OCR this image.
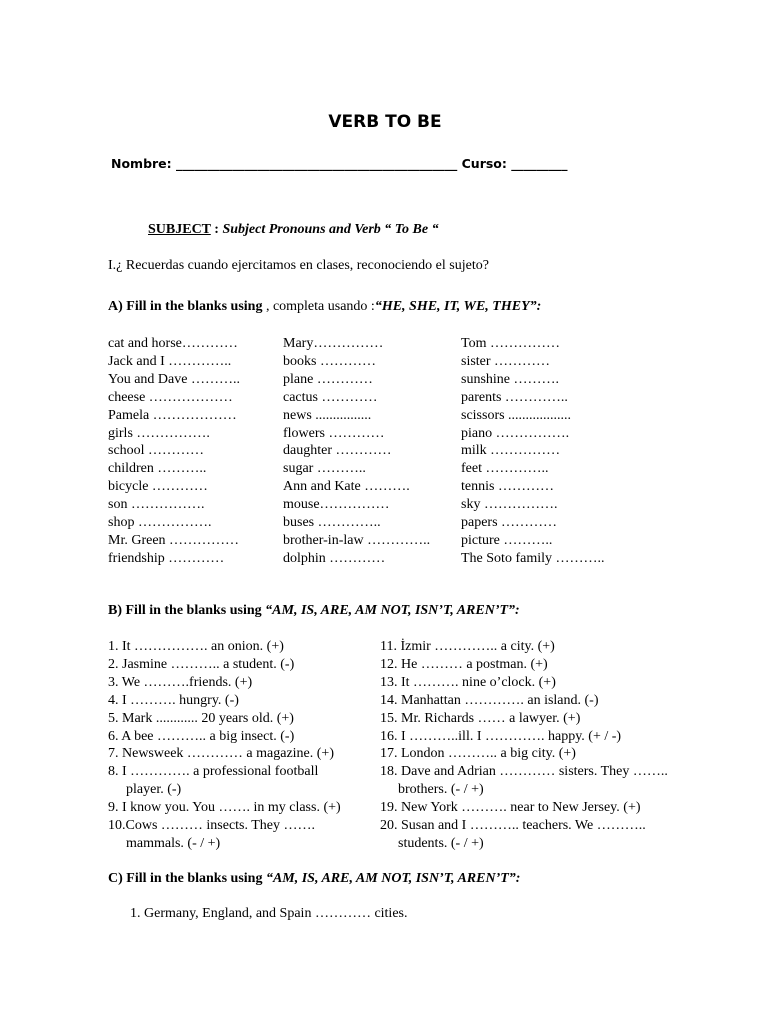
VERB TO BE
Nombre: _____________________________________________ Curso: _________
SUBJECT : Subject Pronouns and Verb “ To Be “
I.¿ Recuerdas cuando ejercitamos en clases, reconociendo el sujeto?
A) Fill in the blanks using , completa usando :“HE, SHE, IT, WE, THEY”:
cat and horse…………
Jack and I …………..
You and Dave ………..
cheese ………………
Pamela ………………
girls …………….
school …………
children ………..
bicycle …………
son …………….
shop …………….
Mr. Green ……………
friendship …………
Mary……………
books …………
plane …………
cactus …………
news ................
flowers …………
daughter …………
sugar ………..
Ann and Kate ……….
mouse……………
buses …………..
brother-in-law …………..
dolphin …………
Tom ……………
sister …………
sunshine ……….
parents …………..
scissors ..................
piano …………….
milk ……………
feet …………..
tennis …………
sky …………….
papers …………
picture ………..
The Soto family ………..
B) Fill in the blanks using “AM, IS, ARE, AM NOT, ISN’T, AREN’T”:
1. It ……………. an onion. (+)
2. Jasmine ……….. a student. (-)
3. We ……….friends. (+)
4. I ………. hungry. (-)
5. Mark ............ 20 years old. (+)
6. A bee ……….. a big insect. (-)
7. Newsweek ………… a magazine. (+)
8. I …………. a professional football
player. (-)
9. I know you. You ……. in my class. (+)
10.Cows ……… insects. They …….
mammals. (- / +)
11. İzmir ………….. a city. (+)
12. He ……… a postman. (+)
13. It ………. nine o’clock. (+)
14. Manhattan …………. an island. (-)
15. Mr. Richards …… a lawyer. (+)
16. I ………..ill. I …………. happy. (+ / -)
17. London ……….. a big city. (+)
18. Dave and Adrian ………… sisters. They ……..
brothers. (- / +)
19. New York ………. near to New Jersey. (+)
20. Susan and I ……….. teachers. We ………..
students. (- / +)
C) Fill in the blanks using “AM, IS, ARE, AM NOT, ISN’T, AREN’T”:
1. Germany, England, and Spain ………… cities.
